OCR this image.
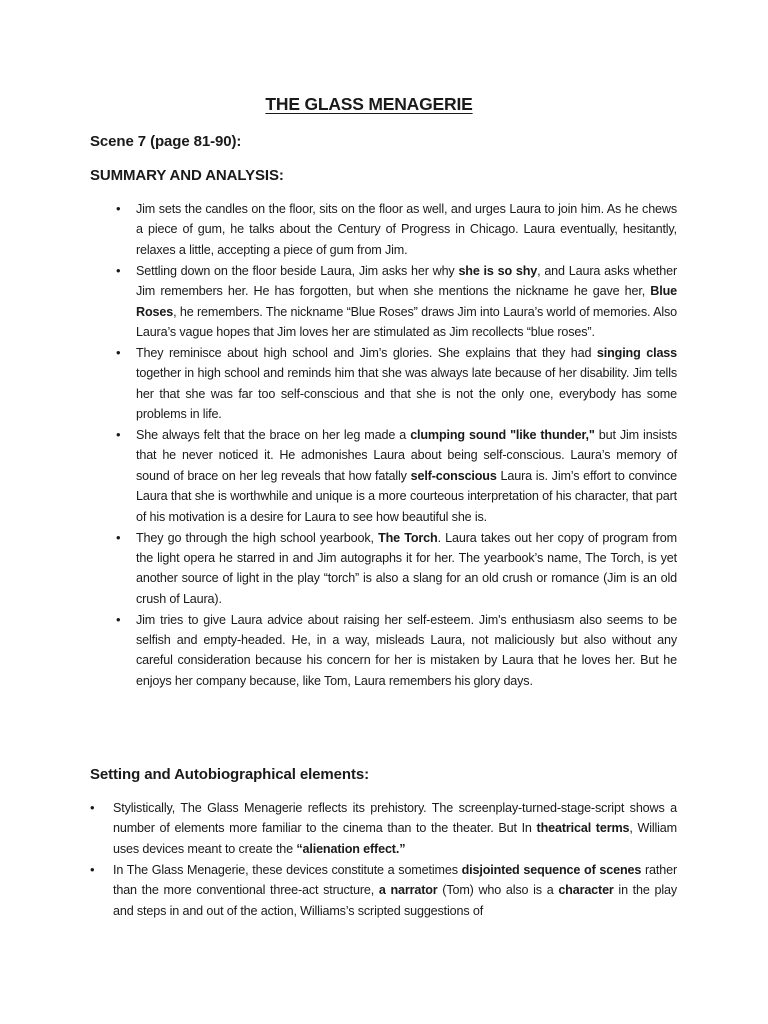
THE GLASS MENAGERIE
Scene 7 (page 81-90):
SUMMARY AND ANALYSIS:
• Jim sets the candles on the floor, sits on the floor as well, and urges Laura to join him. As he chews a piece of gum, he talks about the Century of Progress in Chicago. Laura eventually, hesitantly, relaxes a little, accepting a piece of gum from Jim.
• Settling down on the floor beside Laura, Jim asks her why she is so shy, and Laura asks whether Jim remembers her. He has forgotten, but when she mentions the nickname he gave her, Blue Roses, he remembers. The nickname “Blue Roses” draws Jim into Laura’s world of memories. Also Laura’s vague hopes that Jim loves her are stimulated as Jim recollects “blue roses”.
• They reminisce about high school and Jim’s glories. She explains that they had singing class together in high school and reminds him that she was always late because of her disability. Jim tells her that she was far too self-conscious and that she is not the only one, everybody has some problems in life.
• She always felt that the brace on her leg made a clumping sound "like thunder," but Jim insists that he never noticed it. He admonishes Laura about being self-conscious. Laura’s memory of sound of brace on her leg reveals that how fatally self-conscious Laura is. Jim’s effort to convince Laura that she is worthwhile and unique is a more courteous interpretation of his character, that part of his motivation is a desire for Laura to see how beautiful she is.
• They go through the high school yearbook, The Torch. Laura takes out her copy of program from the light opera he starred in and Jim autographs it for her. The yearbook’s name, The Torch, is yet another source of light in the play “torch” is also a slang for an old crush or romance (Jim is an old crush of Laura).
• Jim tries to give Laura advice about raising her self-esteem. Jim's enthusiasm also seems to be selfish and empty-headed. He, in a way, misleads Laura, not maliciously but also without any careful consideration because his concern for her is mistaken by Laura that he loves her. But he enjoys her company because, like Tom, Laura remembers his glory days.
Setting and Autobiographical elements:
• Stylistically, The Glass Menagerie reflects its prehistory. The screenplay-turned-stage-script shows a number of elements more familiar to the cinema than to the theater. But In theatrical terms, William uses devices meant to create the “alienation effect.”
• In The Glass Menagerie, these devices constitute a sometimes disjointed sequence of scenes rather than the more conventional three-act structure, a narrator (Tom) who also is a character in the play and steps in and out of the action, Williams’s scripted suggestions of
